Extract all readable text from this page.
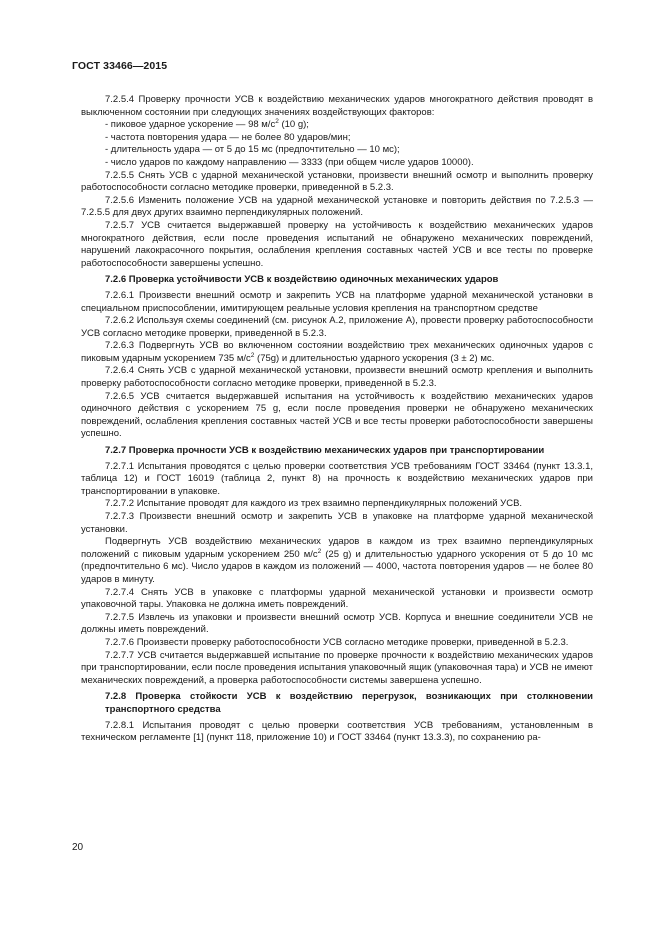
ГОСТ 33466—2015

7.2.5.4 Проверку прочности УСВ к воздействию механических ударов многократного действия проводят в выключенном состоянии при следующих значениях воздействующих факторов:

- пиковое ударное ускорение — 98 $м/с^2$ (10 g);

- частота повторения удара — не более 80 ударов/мин;

- длительность удара — от 5 до 15 мс (предпочтительно — 10 мс);

- число ударов по каждому направлению — 3333 (при общем числе ударов 10000).

7.2.5.5 Снять УСВ с ударной механической установки, произвести внешний осмотр и выполнить проверку работоспособности согласно методике проверки, приведенной в 5.2.3.

7.2.5.6 Изменить положение УСВ на ударной механической установке и повторить действия по 7.2.5.3 — 7.2.5.5 для двух других взаимно перпендикулярных положений.

7.2.5.7 УСВ считается выдержавшей проверку на устойчивость к воздействию механических ударов многократного действия, если после проведения испытаний не обнаружено механических повреждений, нарушений лакокрасочного покрытия, ослабления крепления составных частей УСВ и все тесты по проверке работоспособности завершены успешно.

7.2.6 Проверка устойчивости УСВ к воздействию одиночных механических ударов

7.2.6.1 Произвести внешний осмотр и закрепить УСВ на платформе ударной механической установки в специальном приспособлении, имитирующем реальные условия крепления на транспортном средстве

7.2.6.2 Используя схемы соединений (см. рисунок А.2, приложение А), провести проверку работоспособности УСВ согласно методике проверки, приведенной в 5.2.3.

7.2.6.3 Подвергнуть УСВ во включенном состоянии воздействию трех механических одиночных ударов с пиковым ударным ускорением 735 $м/с^2$ (75g) и длительностью ударного ускорения (3 ± 2) мс.

7.2.6.4 Снять УСВ с ударной механической установки, произвести внешний осмотр крепления и выполнить проверку работоспособности согласно методике проверки, приведенной в 5.2.3.

7.2.6.5 УСВ считается выдержавшей испытания на устойчивость к воздействию механических ударов одиночного действия с ускорением 75 g, если после проведения проверки не обнаружено механических повреждений, ослабления крепления составных частей УСВ и все тесты проверки работоспособности завершены успешно.

7.2.7 Проверка прочности УСВ к воздействию механических ударов при транспортировании

7.2.7.1 Испытания проводятся с целью проверки соответствия УСВ требованиям ГОСТ 33464 (пункт 13.3.1, таблица 12) и ГОСТ 16019 (таблица 2, пункт 8) на прочность к воздействию механических ударов при транспортировании в упаковке.

7.2.7.2 Испытание проводят для каждого из трех взаимно перпендикулярных положений УСВ.

7.2.7.3 Произвести внешний осмотр и закрепить УСВ в упаковке на платформе ударной механической установки.

Подвергнуть УСВ воздействию механических ударов в каждом из трех взаимно перпендикулярных положений с пиковым ударным ускорением 250 $м/с^2$ (25 g) и длительностью ударного ускорения от 5 до 10 мс (предпочтительно 6 мс). Число ударов в каждом из положений — 4000, частота повторения ударов — не более 80 ударов в минуту.

7.2.7.4 Снять УСВ в упаковке с платформы ударной механической установки и произвести осмотр упаковочной тары. Упаковка не должна иметь повреждений.

7.2.7.5 Извлечь из упаковки и произвести внешний осмотр УСВ. Корпуса и внешние соединители УСВ не должны иметь повреждений.

7.2.7.6 Произвести проверку работоспособности УСВ согласно методике проверки, приведенной в 5.2.3.

7.2.7.7 УСВ считается выдержавшей испытание по проверке прочности к воздействию механических ударов при транспортировании, если после проведения испытания упаковочный ящик (упаковочная тара) и УСВ не имеют механических повреждений, а проверка работоспособности системы завершена успешно.

7.2.8 Проверка стойкости УСВ к воздействию перегрузок, возникающих при столкновении транспортного средства

7.2.8.1 Испытания проводят с целью проверки соответствия УСВ требованиям, установленным в техническом регламенте [1] (пункт 118, приложение 10) и ГОСТ 33464 (пункт 13.3.3), по сохранению ра-

20
